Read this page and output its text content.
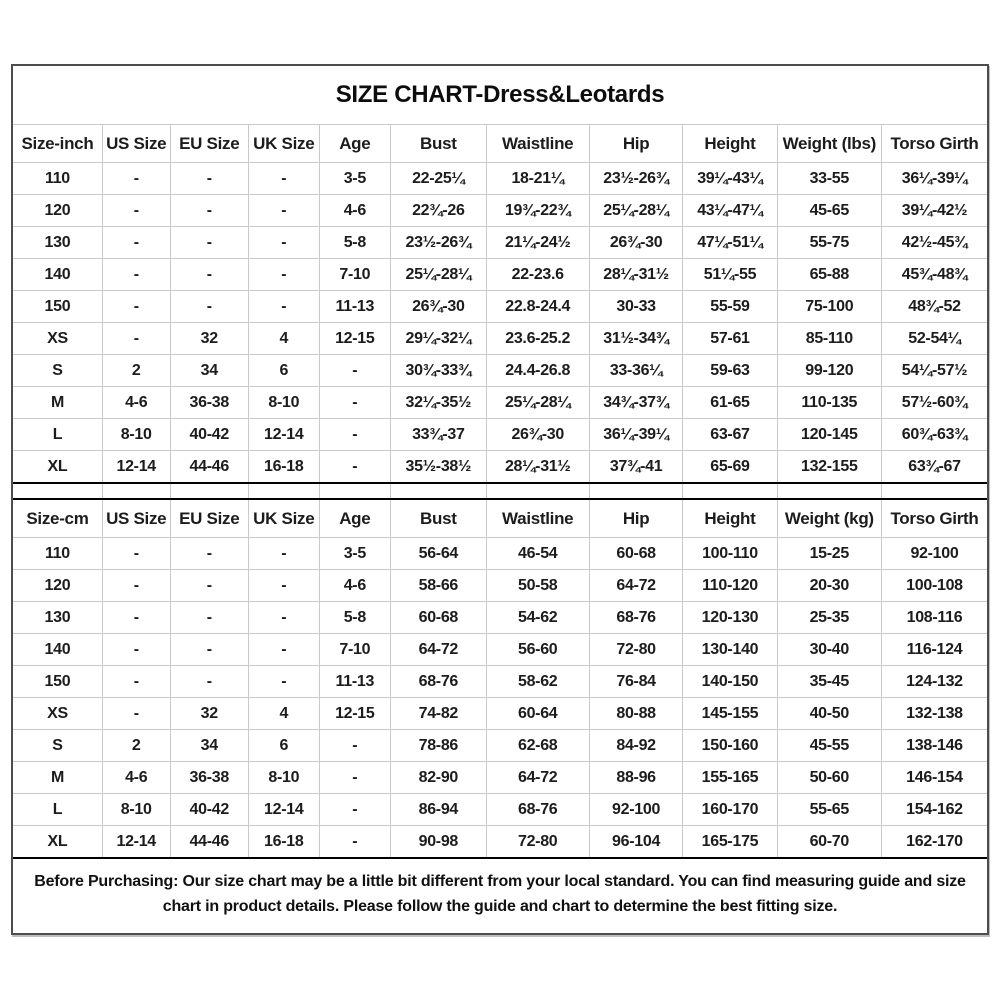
SIZE CHART-Dress&Leotards
Size-inch	US Size	EU Size	UK Size	Age	Bust	Waistline	Hip	Height	Weight (lbs)	Torso Girth
110	-	-	-	3-5	22-25¼	18-21¼	23½-26¾	39¼-43¼	33-55	36¼-39¼
120	-	-	-	4-6	22¾-26	19¾-22¾	25¼-28¼	43¼-47¼	45-65	39¼-42½
130	-	-	-	5-8	23½-26¾	21¼-24½	26¾-30	47¼-51¼	55-75	42½-45¾
140	-	-	-	7-10	25¼-28¼	22-23.6	28¼-31½	51¼-55	65-88	45¾-48¾
150	-	-	-	11-13	26¾-30	22.8-24.4	30-33	55-59	75-100	48¾-52
XS	-	32	4	12-15	29¼-32¼	23.6-25.2	31½-34¾	57-61	85-110	52-54¼
S	2	34	6	-	30¾-33¾	24.4-26.8	33-36¼	59-63	99-120	54¼-57½
M	4-6	36-38	8-10	-	32¼-35½	25¼-28¼	34¾-37¾	61-65	110-135	57½-60¾
L	8-10	40-42	12-14	-	33¾-37	26¾-30	36¼-39¼	63-67	120-145	60¾-63¾
XL	12-14	44-46	16-18	-	35½-38½	28¼-31½	37¾-41	65-69	132-155	63¾-67

Size-cm	US Size	EU Size	UK Size	Age	Bust	Waistline	Hip	Height	Weight (kg)	Torso Girth
110	-	-	-	3-5	56-64	46-54	60-68	100-110	15-25	92-100
120	-	-	-	4-6	58-66	50-58	64-72	110-120	20-30	100-108
130	-	-	-	5-8	60-68	54-62	68-76	120-130	25-35	108-116
140	-	-	-	7-10	64-72	56-60	72-80	130-140	30-40	116-124
150	-	-	-	11-13	68-76	58-62	76-84	140-150	35-45	124-132
XS	-	32	4	12-15	74-82	60-64	80-88	145-155	40-50	132-138
S	2	34	6	-	78-86	62-68	84-92	150-160	45-55	138-146
M	4-6	36-38	8-10	-	82-90	64-72	88-96	155-165	50-60	146-154
L	8-10	40-42	12-14	-	86-94	68-76	92-100	160-170	55-65	154-162
XL	12-14	44-46	16-18	-	90-98	72-80	96-104	165-175	60-70	162-170
Before Purchasing: Our size chart may be a little bit different from your local standard. You can find measuring guide and size chart in product details. Please follow the guide and chart to determine the best fitting size.
